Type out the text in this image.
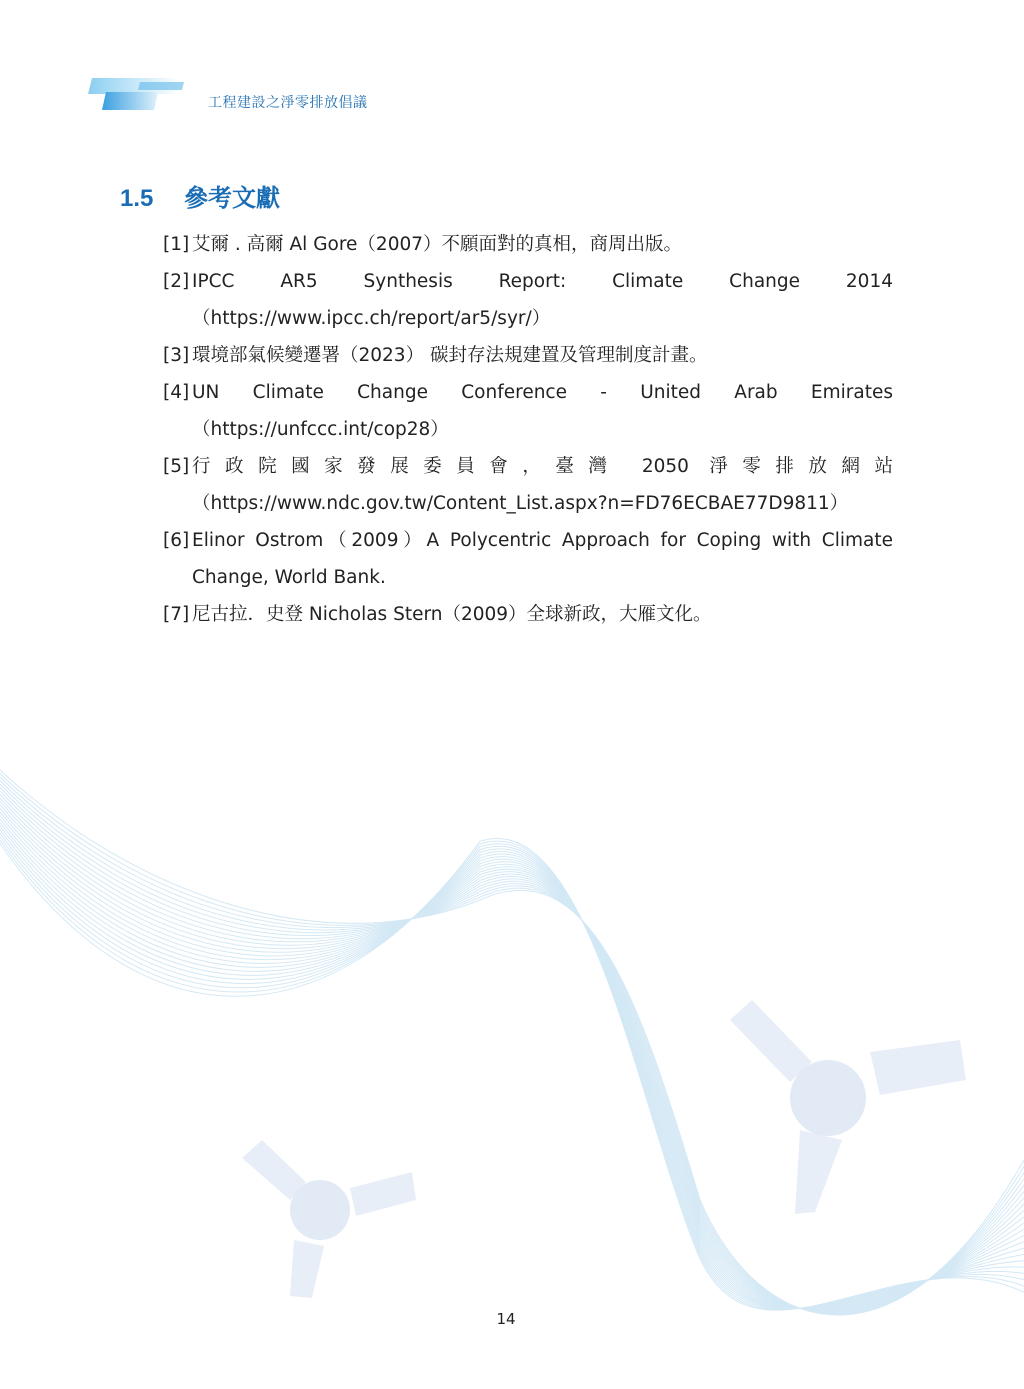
工程建設之淨零排放倡議
1.5 參考文獻
[1] 艾爾 . 高爾 Al Gore（2007）不願面對的真相，商周出版。
[2] IPCC AR5 Synthesis Report: Climate Change 2014（https://www.ipcc.ch/report/ar5/syr/）
[3] 環境部氣候變遷署（2023） 碳封存法規建置及管理制度計畫。
[4] UN Climate Change Conference - United Arab Emirates（https://unfccc.int/cop28）
[5] 行政院國家發展委員會，臺灣 2050 淨零排放網站（https://www.ndc.gov.tw/Content_List.aspx?n=FD76ECBAE77D9811）
[6] Elinor Ostrom（2009）A Polycentric Approach for Coping with Climate Change, World Bank.
[7] 尼古拉．史登 Nicholas Stern（2009）全球新政，大雁文化。
14
